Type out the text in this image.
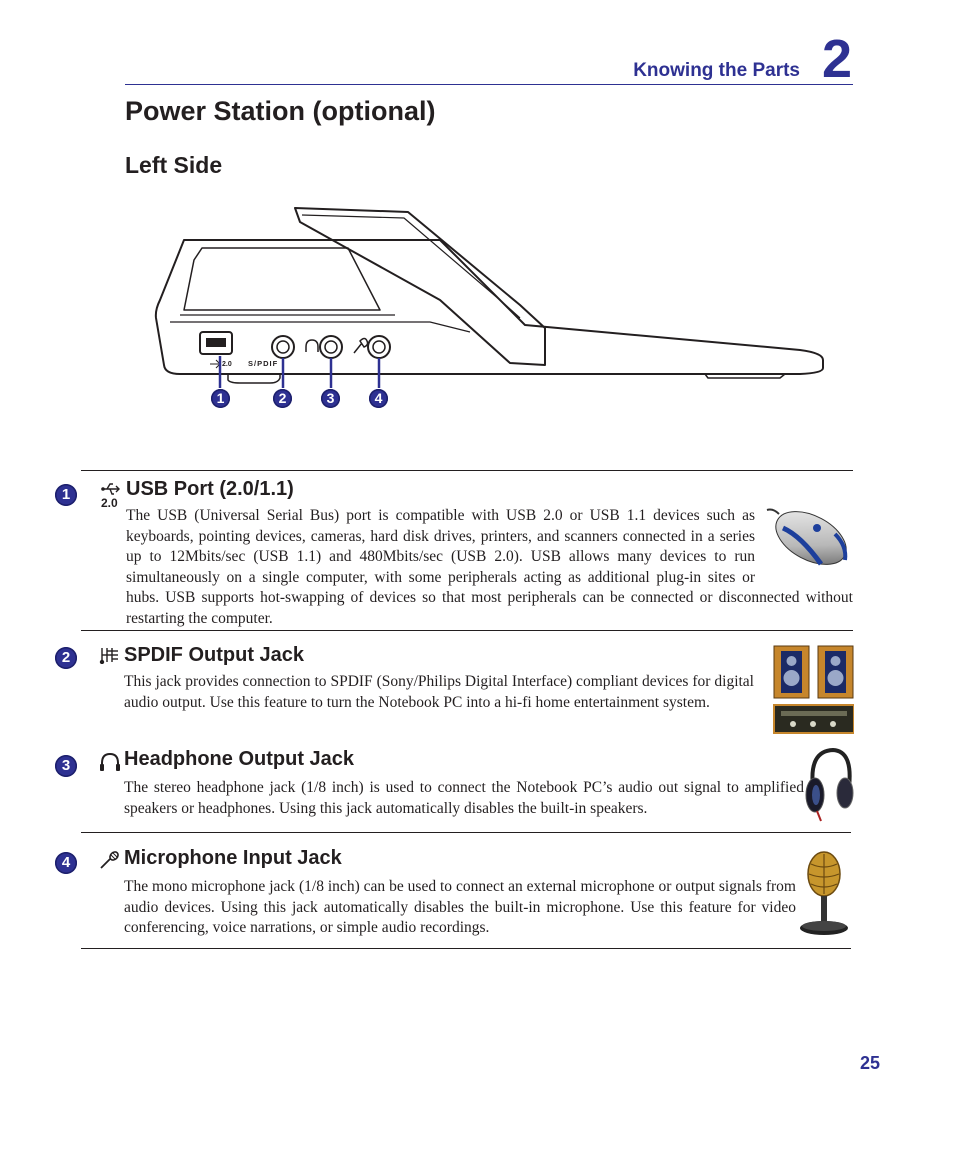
Knowing the Parts 2
Power Station (optional)
Left Side
2.0 S/PDIF
1	2	3	4
1	2.0
USB Port (2.0/1.1)
The USB (Universal Serial Bus) port is compatible with USB 2.0 or USB 1.1 devices such as keyboards, pointing devices, cameras, hard disk drives, printers, and scanners connected in a series up to 12Mbits/sec (USB 1.1) and 480Mbits/sec (USB 2.0). USB allows many devices to run simultaneously on a single computer, with some peripherals acting as additional plug-in sites or hubs. USB supports hot-swapping of devices so that most peripherals can be connected or disconnected without restarting the computer.
2	SPDIF Output Jack
This jack provides connection to SPDIF (Sony/Philips Digital Interface) compliant devices for digital audio output. Use this feature to turn the Notebook PC into a hi-fi home entertainment system.
3	Headphone Output Jack
The stereo headphone jack (1/8 inch) is used to connect the Notebook PC’s audio out signal to amplified speakers or headphones. Using this jack automatically disables the built-in speakers.
4	Microphone Input Jack
The mono microphone jack (1/8 inch) can be used to connect an external microphone or output signals from audio devices. Using this jack automatically disables the built-in microphone. Use this feature for video conferencing, voice narrations, or simple audio recordings.
25
